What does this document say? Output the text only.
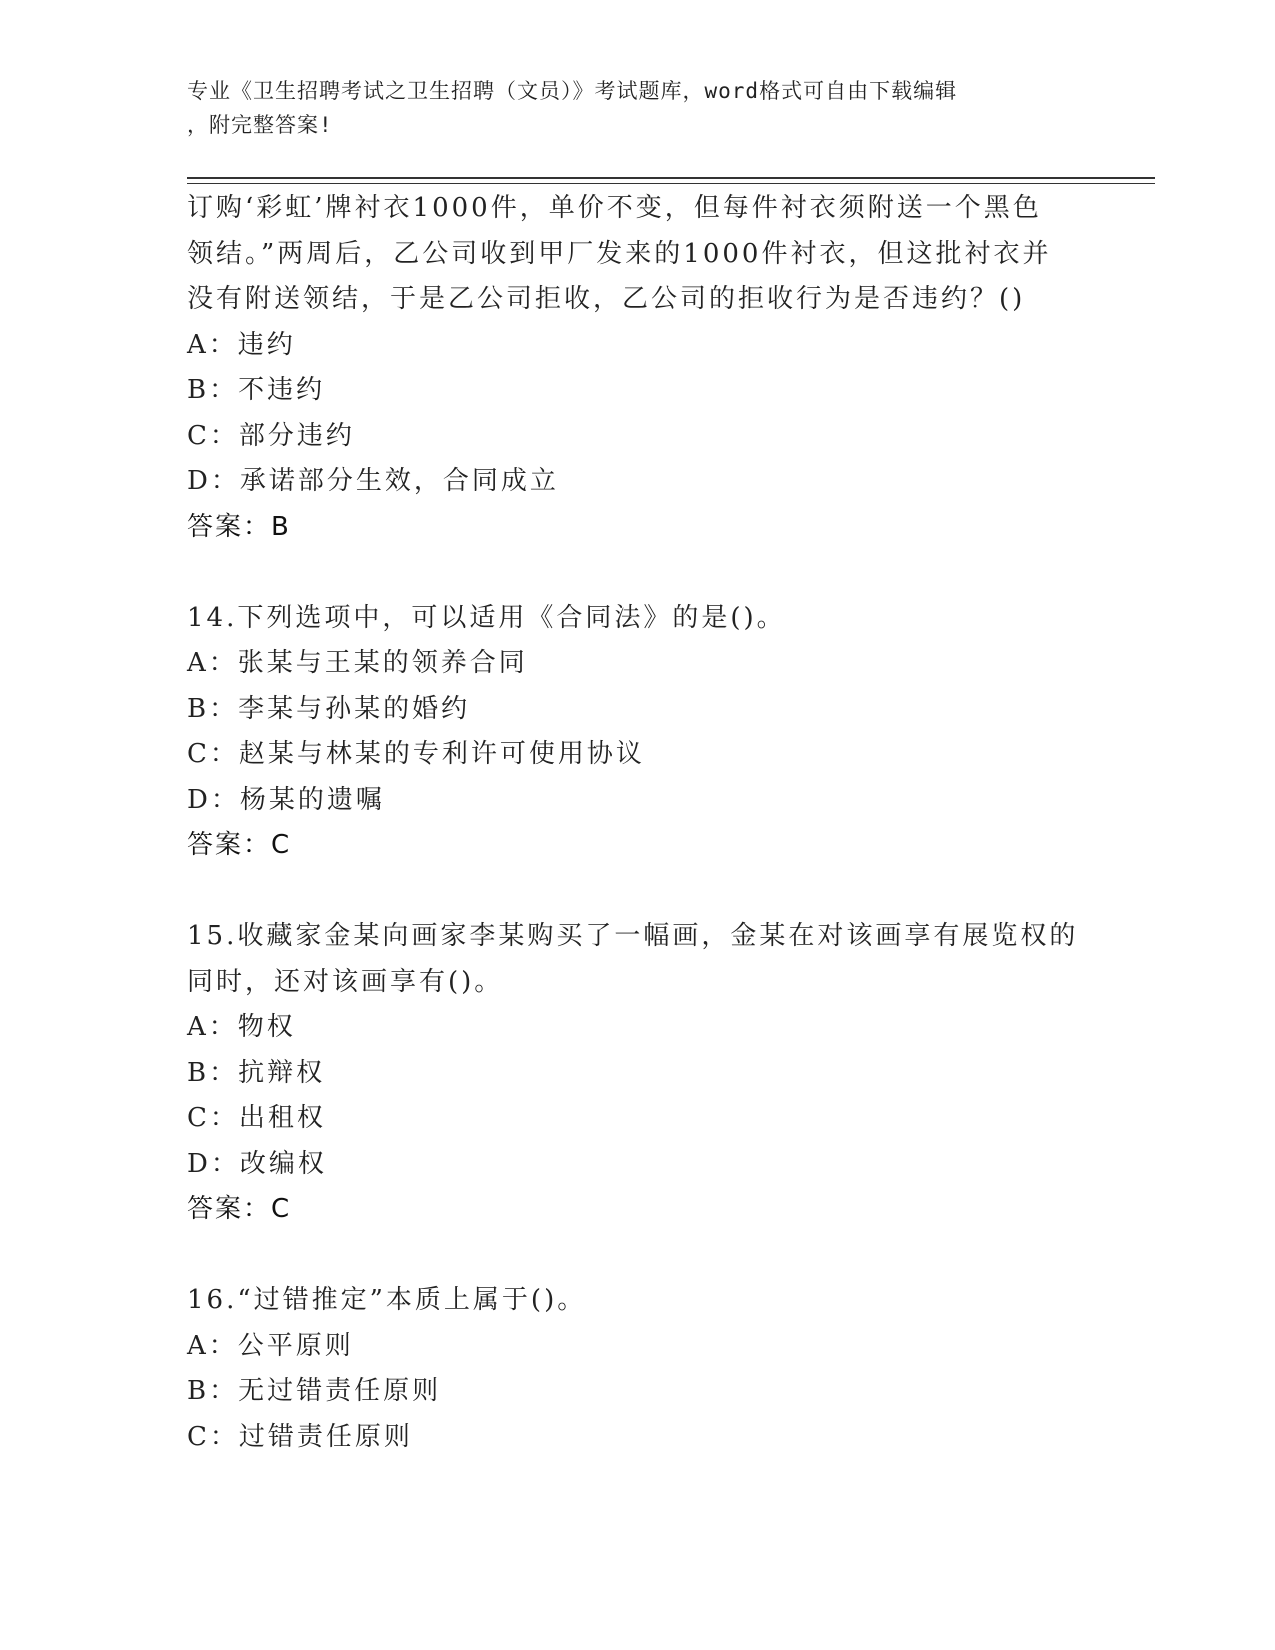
专业《卫生招聘考试之卫生招聘（文员）》考试题库，word格式可自由下载编辑
，附完整答案!
订购‘彩虹’牌衬衣1000件，单价不变，但每件衬衣须附送一个黑色
领结。”两周后，乙公司收到甲厂发来的1000件衬衣，但这批衬衣并
没有附送领结，于是乙公司拒收，乙公司的拒收行为是否违约？()
A：违约
B：不违约
C：部分违约
D：承诺部分生效，合同成立
答案：B
14.下列选项中，可以适用《合同法》的是()。
A：张某与王某的领养合同
B：李某与孙某的婚约
C：赵某与林某的专利许可使用协议
D：杨某的遗嘱
答案：C
15.收藏家金某向画家李某购买了一幅画，金某在对该画享有展览权的
同时，还对该画享有()。
A：物权
B：抗辩权
C：出租权
D：改编权
答案：C
16.“过错推定”本质上属于()。
A：公平原则
B：无过错责任原则
C：过错责任原则
